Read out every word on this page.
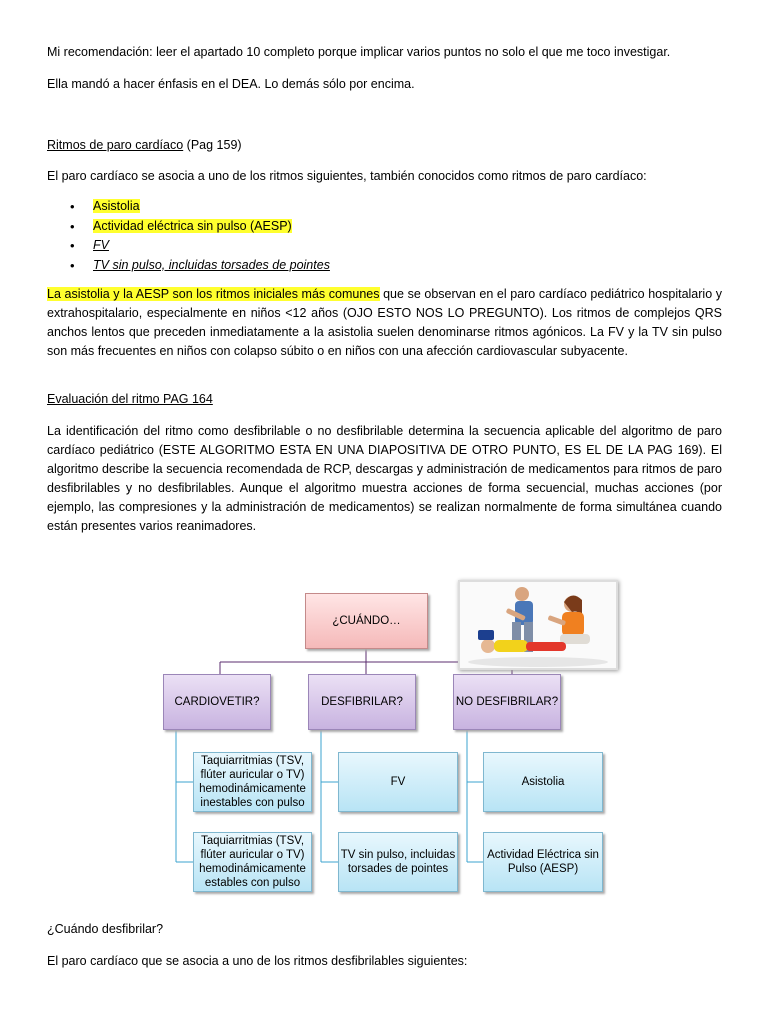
Mi recomendación: leer el apartado 10 completo porque implicar varios puntos no solo el que me toco investigar.

Ella mandó a hacer énfasis en el DEA. Lo demás sólo por encima.

Ritmos de paro cardíaco (Pag 159)

El paro cardíaco se asocia a uno de los ritmos siguientes, también conocidos como ritmos de paro cardíaco:

• Asistolia
• Actividad eléctrica sin pulso (AESP)
• FV
• TV sin pulso, incluidas torsades de pointes

La asistolia y la AESP son los ritmos iniciales más comunes que se observan en el paro cardíaco pediátrico hospitalario y extrahospitalario, especialmente en niños <12 años (OJO ESTO NOS LO PREGUNTO). Los ritmos de complejos QRS anchos lentos que preceden inmediatamente a la asistolia suelen denominarse ritmos agónicos. La FV y la TV sin pulso son más frecuentes en niños con colapso súbito o en niños con una afección cardiovascular subyacente.

Evaluación del ritmo PAG 164

La identificación del ritmo como desfibrilable o no desfibrilable determina la secuencia aplicable del algoritmo de paro cardíaco pediátrico (ESTE ALGORITMO ESTA EN UNA DIAPOSITIVA DE OTRO PUNTO, ES EL DE LA PAG 169). El algoritmo describe la secuencia recomendada de RCP, descargas y administración de medicamentos para ritmos de paro desfibrilables y no desfibrilables. Aunque el algoritmo muestra acciones de forma secuencial, muchas acciones (por ejemplo, las compresiones y la administración de medicamentos) se realizan normalmente de forma simultánea cuando están presentes varios reanimadores.

¿Cuándo desfibrilar?

El paro cardíaco que se asocia a uno de los ritmos desfibrilables siguientes:

¿CUÁNDO…
CARDIOVETIR?	DESFIBRILAR?	NO DESFIBRILAR?
Taquiarritmias (TSV, flúter auricular o TV) hemodinámicamente inestables con pulso
Taquiarritmias (TSV, flúter auricular o TV) hemodinámicamente estables con pulso
FV
TV sin pulso, incluidas torsades de pointes
Asistolia
Actividad Eléctrica sin Pulso (AESP)
